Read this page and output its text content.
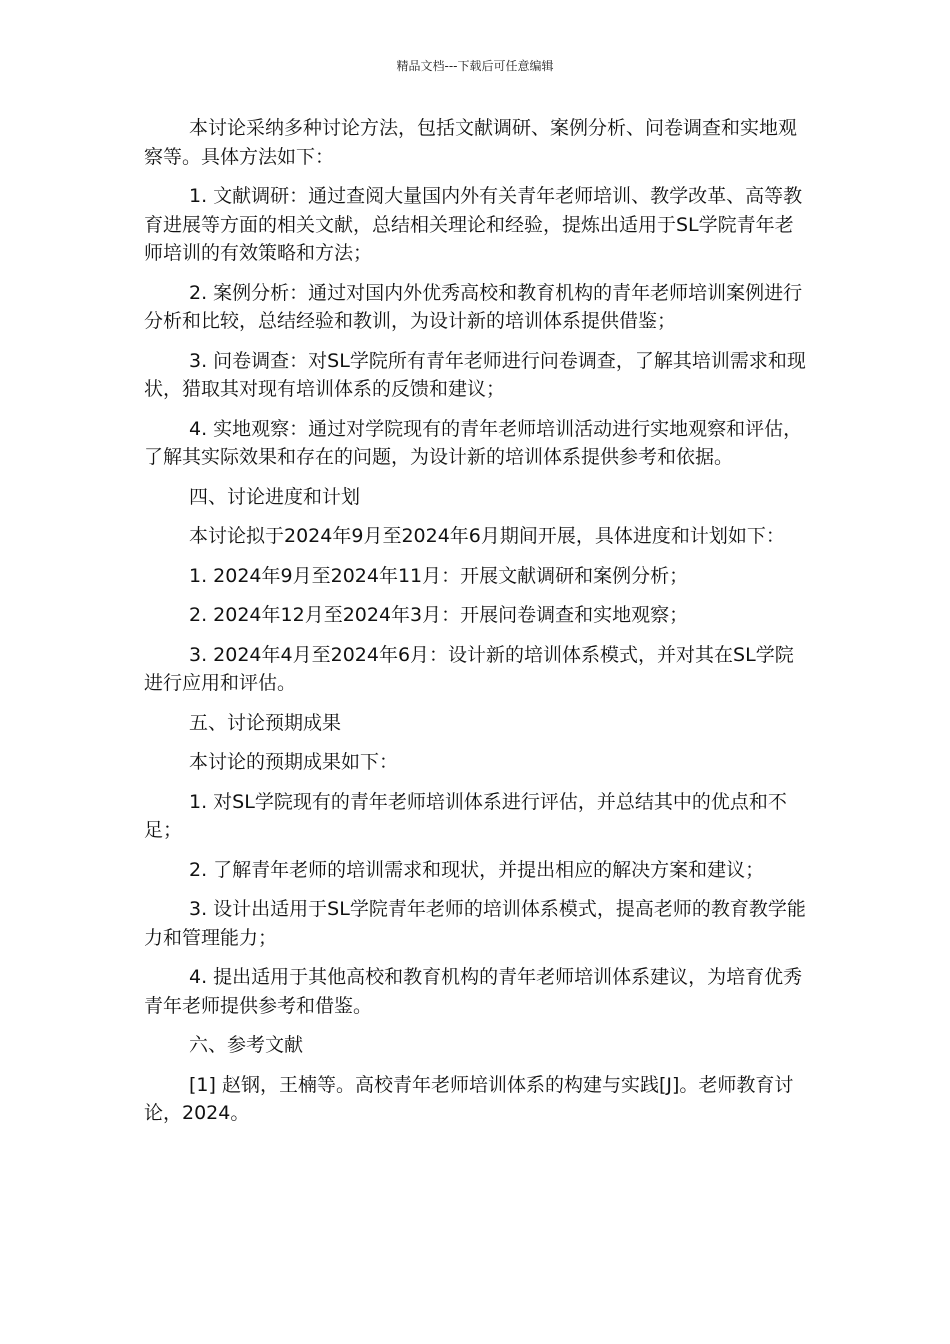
精品文档---下载后可任意编辑

本讨论采纳多种讨论方法，包括文献调研、案例分析、问卷调查和实地观察等。具体方法如下：

1. 文献调研：通过查阅大量国内外有关青年老师培训、教学改革、高等教育进展等方面的相关文献，总结相关理论和经验，提炼出适用于SL学院青年老师培训的有效策略和方法；

2. 案例分析：通过对国内外优秀高校和教育机构的青年老师培训案例进行分析和比较，总结经验和教训，为设计新的培训体系提供借鉴；

3. 问卷调查：对SL学院所有青年老师进行问卷调查，了解其培训需求和现状，猎取其对现有培训体系的反馈和建议；

4. 实地观察：通过对学院现有的青年老师培训活动进行实地观察和评估，了解其实际效果和存在的问题，为设计新的培训体系提供参考和依据。

四、讨论进度和计划

本讨论拟于2024年9月至2024年6月期间开展，具体进度和计划如下：

1. 2024年9月至2024年11月：开展文献调研和案例分析；

2. 2024年12月至2024年3月：开展问卷调查和实地观察；

3. 2024年4月至2024年6月：设计新的培训体系模式，并对其在SL学院进行应用和评估。

五、讨论预期成果

本讨论的预期成果如下：

1. 对SL学院现有的青年老师培训体系进行评估，并总结其中的优点和不足；

2. 了解青年老师的培训需求和现状，并提出相应的解决方案和建议；

3. 设计出适用于SL学院青年老师的培训体系模式，提高老师的教育教学能力和管理能力；

4. 提出适用于其他高校和教育机构的青年老师培训体系建议，为培育优秀青年老师提供参考和借鉴。

六、参考文献

[1] 赵钢，王楠等。高校青年老师培训体系的构建与实践[J]。老师教育讨论，2024。
